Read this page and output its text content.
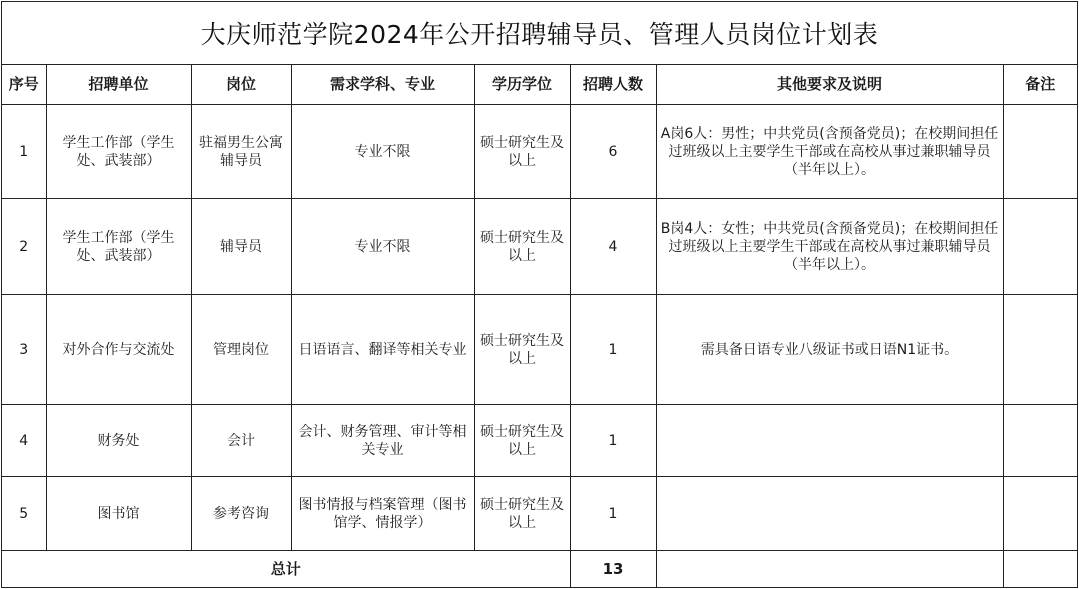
大庆师范学院2024年公开招聘辅导员、管理人员岗位计划表
序号	招聘单位	岗位	需求学科、专业	学历学位	招聘人数	其他要求及说明	备注
1	学生工作部（学生处、武装部）	驻福男生公寓辅导员	专业不限	硕士研究生及以上	6	A岗6人：男性；中共党员(含预备党员)；在校期间担任过班级以上主要学生干部或在高校从事过兼职辅导员（半年以上）。	
2	学生工作部（学生处、武装部）	辅导员	专业不限	硕士研究生及以上	4	B岗4人：女性；中共党员(含预备党员)；在校期间担任过班级以上主要学生干部或在高校从事过兼职辅导员（半年以上）。	
3	对外合作与交流处	管理岗位	日语语言、翻译等相关专业	硕士研究生及以上	1	需具备日语专业八级证书或日语N1证书。	
4	财务处	会计	会计、财务管理、审计等相关专业	硕士研究生及以上	1		
5	图书馆	参考咨询	图书情报与档案管理（图书馆学、情报学）	硕士研究生及以上	1		
总计					13		
